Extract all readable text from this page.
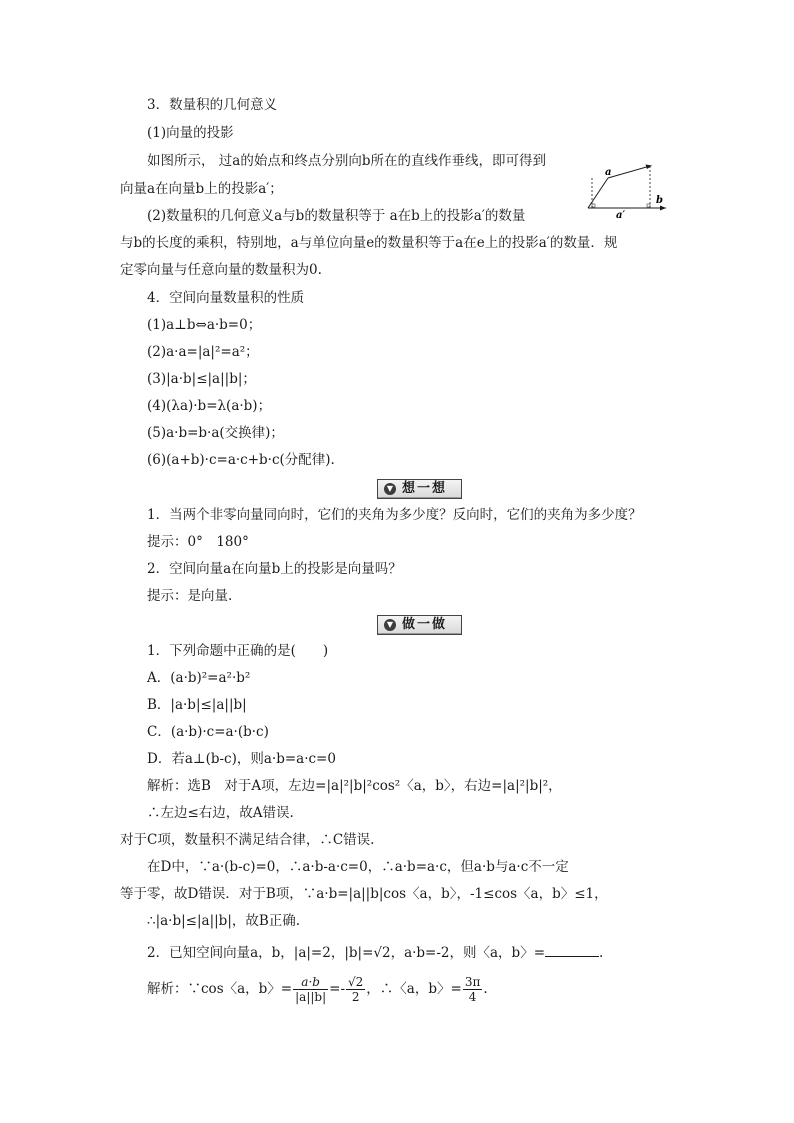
3．数量积的几何意义
(1)向量的投影
如图所示， 过a的始点和终点分别向b所在的直线作垂线，即可得到
向量a在向量b上的投影a′；
(2)数量积的几何意义a与b的数量积等于 a在b上的投影a′的数量
与b的长度的乘积，特别地，a与单位向量e的数量积等于a在e上的投影a′的数量．规
定零向量与任意向量的数量积为0.
a
b
a′
4．空间向量数量积的性质
(1)a⊥b⇔a·b=0；
(2)a·a=|a|²=a²；
(3)|a·b|≤|a||b|；
(4)(λa)·b=λ(a·b)；
(5)a·b=b·a(交换律)；
(6)(a+b)·c=a·c+b·c(分配律).
▼ 想一想
1．当两个非零向量同向时，它们的夹角为多少度？反向时，它们的夹角为多少度？
提示：0°　180°
2．空间向量a在向量b上的投影是向量吗？
提示：是向量.
▼ 做一做
1．下列命题中正确的是(　　)
A．(a·b)²=a²·b²
B．|a·b|≤|a||b|
C．(a·b)·c=a·(b·c)
D．若a⊥(b-c)，则a·b=a·c=0
解析：选B　对于A项，左边=|a|²|b|²cos²〈a，b〉，右边=|a|²|b|²，
∴左边≤右边，故A错误.
对于C项，数量积不满足结合律，∴C错误.
在D中，∵a·(b-c)=0，∴a·b-a·c=0，∴a·b=a·c，但a·b与a·c不一定
等于零，故D错误．对于B项，∵a·b=|a||b|cos〈a，b〉，-1≤cos〈a，b〉≤1，
∴|a·b|≤|a||b|，故B正确.
2．已知空间向量a，b，|a|=2，|b|=√2，a·b=-2，则〈a，b〉=	.
解析：∵cos〈a，b〉= $\frac{a\cdot b}{|a||b|} =- \frac{√2}{2}$ ，∴〈a，b〉= $\frac{3\pi}{4}$ .
